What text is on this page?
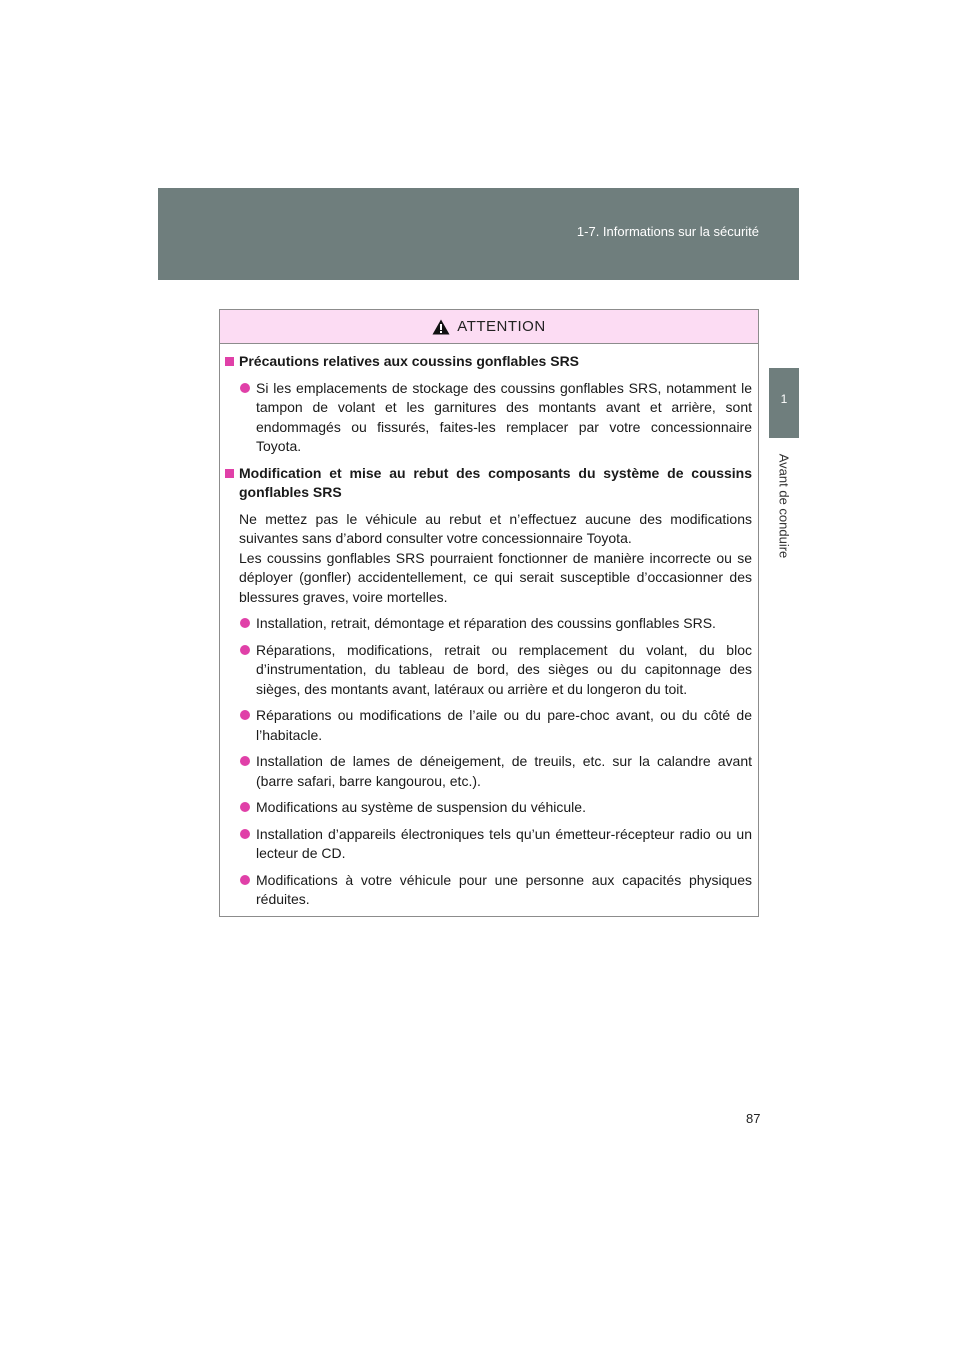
1-7. Informations sur la sécurité
1
Avant de conduire
ATTENTION
Précautions relatives aux coussins gonflables SRS
Si les emplacements de stockage des coussins gonflables SRS, notamment le tampon de volant et les garnitures des montants avant et arrière, sont endommagés ou fissurés, faites-les remplacer par votre concessionnaire Toyota.
Modification et mise au rebut des composants du système de coussins gonflables SRS
Ne mettez pas le véhicule au rebut et n’effectuez aucune des modifications suivantes sans d’abord consulter votre concessionnaire Toyota.
Les coussins gonflables SRS pourraient fonctionner de manière incorrecte ou se déployer (gonfler) accidentellement, ce qui serait susceptible d’occasionner des blessures graves, voire mortelles.
Installation, retrait, démontage et réparation des coussins gonflables SRS.
Réparations, modifications, retrait ou remplacement du volant, du bloc d’instrumentation, du tableau de bord, des sièges ou du capitonnage des sièges, des montants avant, latéraux ou arrière et du longeron du toit.
Réparations ou modifications de l’aile ou du pare-choc avant, ou du côté de l’habitacle.
Installation de lames de déneigement, de treuils, etc. sur la calandre avant (barre safari, barre kangourou, etc.).
Modifications au système de suspension du véhicule.
Installation d’appareils électroniques tels qu’un émetteur-récepteur radio ou un lecteur de CD.
Modifications à votre véhicule pour une personne aux capacités physiques réduites.
87
